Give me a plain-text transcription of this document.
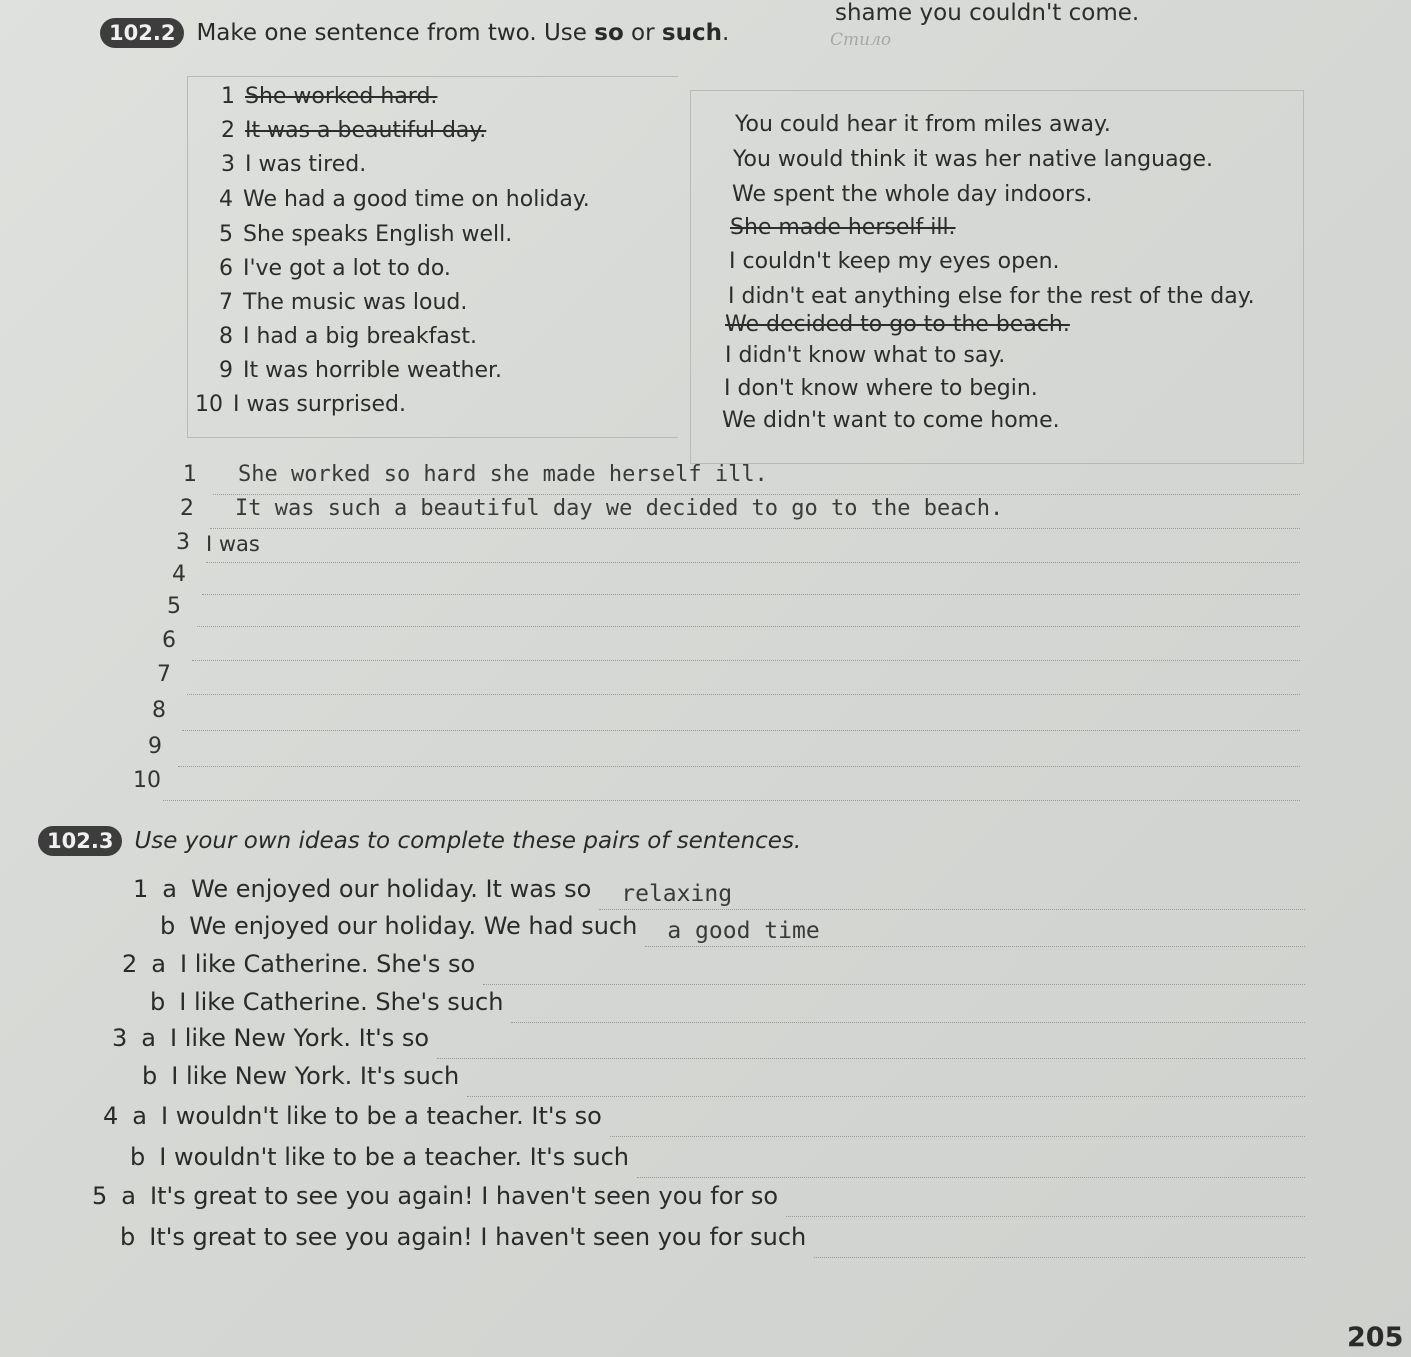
shame you couldn't come.
Стило
102.2 Make one sentence from two. Use so or such.
1 She worked hard.
2 It was a beautiful day.
3 I was tired.
4 We had a good time on holiday.
5 She speaks English well.
6 I've got a lot to do.
7 The music was loud.
8 I had a big breakfast.
9 It was horrible weather.
10 I was surprised.
You could hear it from miles away.
You would think it was her native language.
We spent the whole day indoors.
She made herself ill.
I couldn't keep my eyes open.
I didn't eat anything else for the rest of the day.
We decided to go to the beach.
I didn't know what to say.
I don't know where to begin.
We didn't want to come home.
1 She worked so hard she made herself ill.
2 It was such a beautiful day we decided to go to the beach.
3 I was
4
5
6
7
8
9
10
102.3 Use your own ideas to complete these pairs of sentences.
1 a We enjoyed our holiday. It was so relaxing
b We enjoyed our holiday. We had such a good time
2 a I like Catherine. She's so
b I like Catherine. She's such
3 a I like New York. It's so
b I like New York. It's such
4 a I wouldn't like to be a teacher. It's so
b I wouldn't like to be a teacher. It's such
5 a It's great to see you again! I haven't seen you for so
b It's great to see you again! I haven't seen you for such
205
